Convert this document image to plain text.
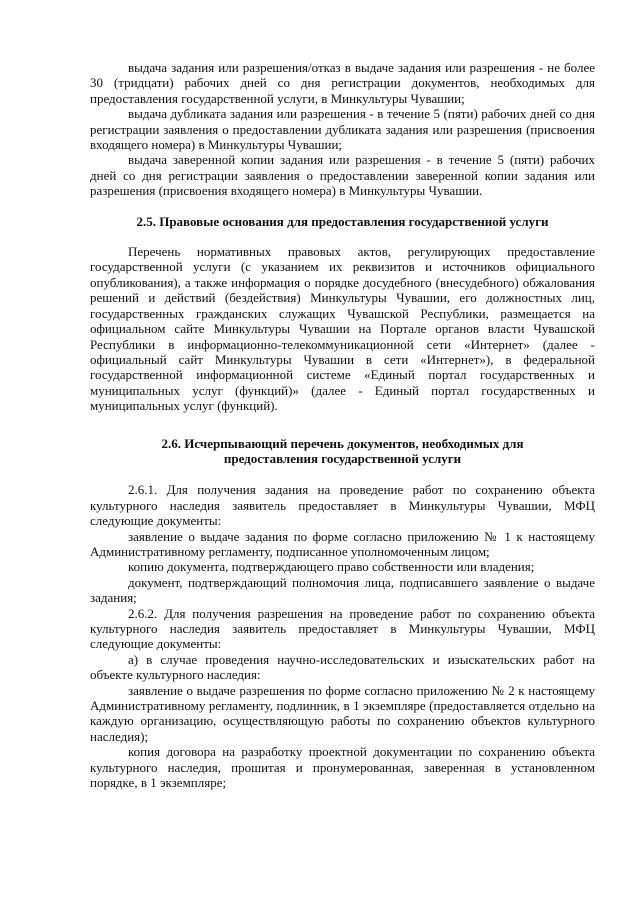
выдача задания или разрешения/отказ в выдаче задания или разрешения - не более 30 (тридцати) рабочих дней со дня регистрации документов, необходимых для предоставления государственной услуги, в Минкультуры Чувашии;

выдача дубликата задания или разрешения - в течение 5 (пяти) рабочих дней со дня регистрации заявления о предоставлении дубликата задания или разрешения (присвоения входящего номера) в Минкультуры Чувашии;

выдача заверенной копии задания или разрешения - в течение 5 (пяти) рабочих дней со дня регистрации заявления о предоставлении заверенной копии задания или разрешения (присвоения входящего номера) в Минкультуры Чувашии.

2.5. Правовые основания для предоставления государственной услуги

Перечень нормативных правовых актов, регулирующих предоставление государственной услуги (с указанием их реквизитов и источников официального опубликования), а также информация о порядке досудебного (внесудебного) обжалования решений и действий (бездействия) Минкультуры Чувашии, его должностных лиц, государственных гражданских служащих Чувашской Республики, размещается на официальном сайте Минкультуры Чувашии на Портале органов власти Чувашской Республики в информационно-телекоммуникационной сети «Интернет» (далее - официальный сайт Минкультуры Чувашии в сети «Интернет»), в федеральной государственной информационной системе «Единый портал государственных и муниципальных услуг (функций)» (далее - Единый портал государственных и муниципальных услуг (функций).

2.6. Исчерпывающий перечень документов, необходимых для предоставления государственной услуги

2.6.1. Для получения задания на проведение работ по сохранению объекта культурного наследия заявитель предоставляет в Минкультуры Чувашии, МФЦ следующие документы:

заявление о выдаче задания по форме согласно приложению № 1 к настоящему Административному регламенту, подписанное уполномоченным лицом;

копию документа, подтверждающего право собственности или владения;

документ, подтверждающий полномочия лица, подписавшего заявление о выдаче задания;

2.6.2. Для получения разрешения на проведение работ по сохранению объекта культурного наследия заявитель предоставляет в Минкультуры Чувашии, МФЦ следующие документы:

а) в случае проведения научно-исследовательских и изыскательских работ на объекте культурного наследия:

заявление о выдаче разрешения по форме согласно приложению № 2 к настоящему Административному регламенту, подлинник, в 1 экземпляре (предоставляется отдельно на каждую организацию, осуществляющую работы по сохранению объектов культурного наследия);

копия договора на разработку проектной документации по сохранению объекта культурного наследия, прошитая и пронумерованная, заверенная в установленном порядке, в 1 экземпляре;
